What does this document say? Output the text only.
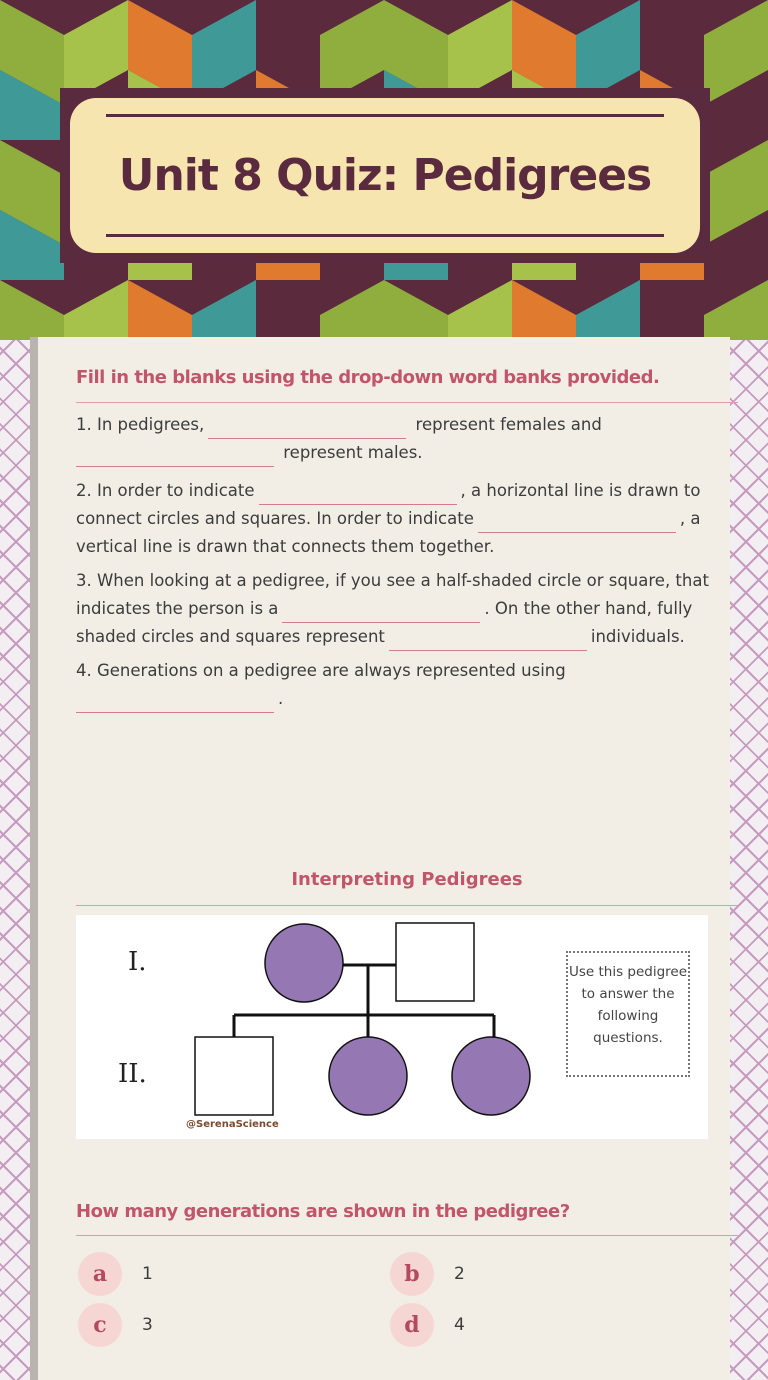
Unit 8 Quiz: Pedigrees
Fill in the blanks using the drop-down word banks provided.
1. In pedigrees,	represent females and
represent males.
2. In order to indicate	, a horizontal line is drawn to connect circles and squares. In order to indicate	, a vertical line is drawn that connects them together.
3. When looking at a pedigree, if you see a half-shaded circle or square, that indicates the person is a	. On the other hand, fully shaded circles and squares represent	individuals.
4. Generations on a pedigree are always represented using
.
Interpreting Pedigrees
I.
II.
@SerenaScience
Use this pedigree to answer the following questions.
How many generations are shown in the pedigree?
a	1	b	2
c	3	d	4
